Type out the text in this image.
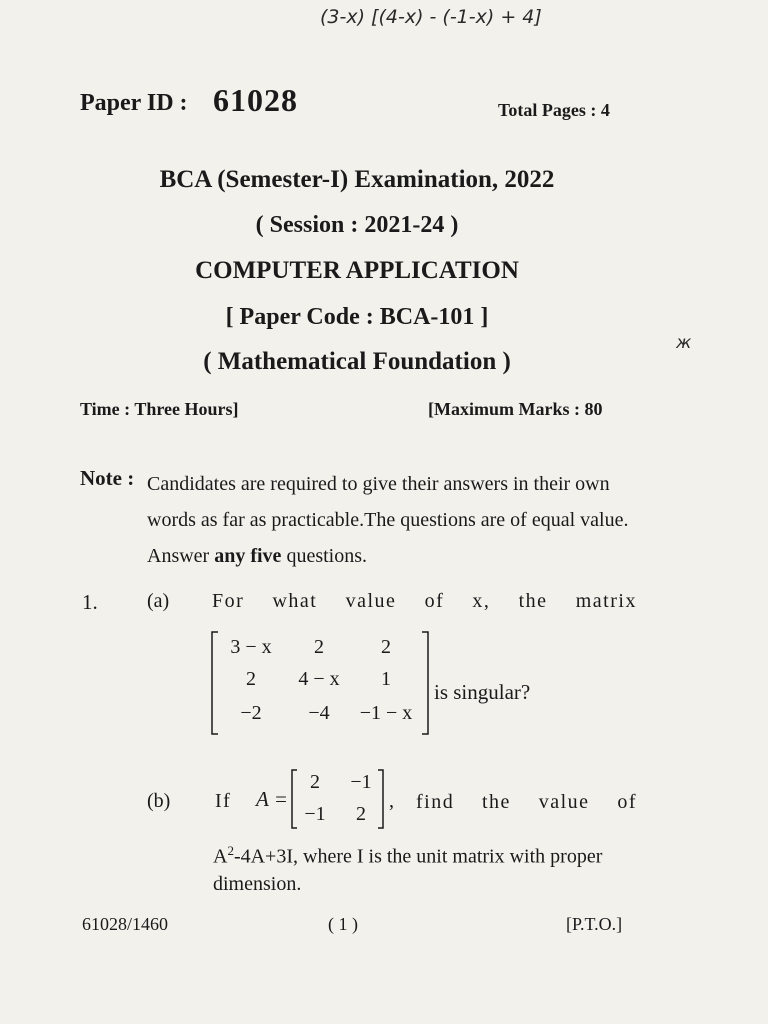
(3-x) [(4-x) - (-1-x) + 4]
ж
Paper ID : 61028	Total Pages : 4
BCA (Semester-I) Examination, 2022
( Session : 2021-24 )
COMPUTER APPLICATION
[ Paper Code : BCA-101 ]
( Mathematical Foundation )
Time : Three Hours]	[Maximum Marks : 80
Note : Candidates are required to give their answers in their own words as far as practicable.The questions are of equal value. Answer any five questions.
1. (a) For what value of x, the matrix
3 − x	2	2
2	4 − x	1
−2	−4	−1 − x
is singular?
(b) If A =
2	−1
−1	2
, find the value of
$A^2-4A+3I$, where I is the unit matrix with proper
dimension.
61028/1460	( 1 )	[P.T.O.]
